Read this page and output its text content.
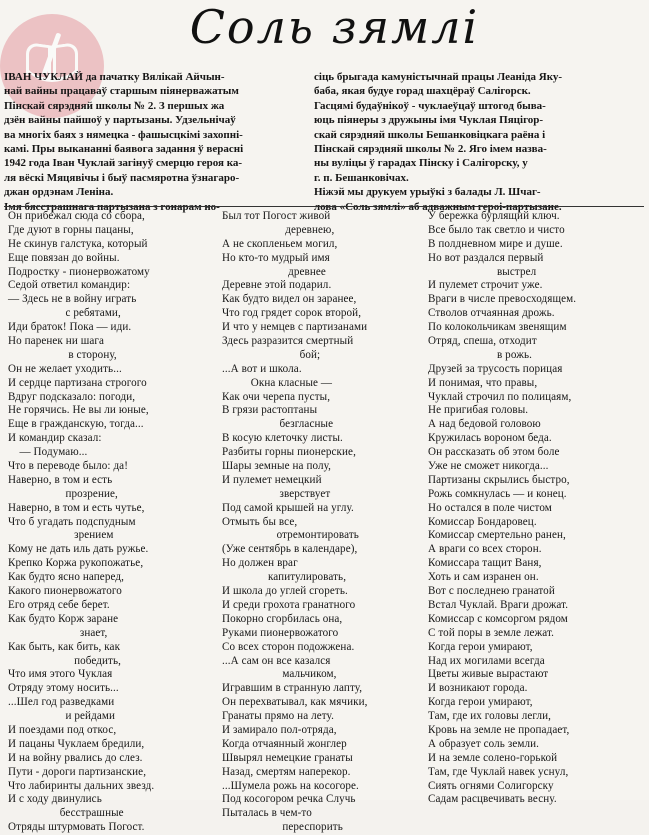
Соль зямлі
ІВАН ЧУКЛАЙ да пачатку Вялікай Айчын-
най вайны працаваў старшым піянерважатым
Пінскай сярэдняй школы № 2. З першых жа
дзён вайны пайшоў у партызаны. Удзельнічаў
ва многіх баях з нямецка - фашысцкімі захопні-
камі. Пры выкананні баявога задання ў верасні
1942 года Іван Чуклай загінуў смерцю героя ка-
ля вёскі Мяцявічы і быў пасмяротна ўзнагаро-
джан ордэнам Леніна.
сіць брыгада камуністычнай працы Леаніда Яку-
баба, якая будуе горад шахцёраў Салігорск.
Гасцямі будаўнікоў - чуклаеўцаў штогод быва-
юць піянеры з дружыны імя Чуклая Пяцігор-
скай сярэдняй школы Бешанковіцкага раёна і
Пінскай сярэдняй школы № 2. Яго імем назва-
ны вуліцы ў гарадах Пінску і Салігорску, у
г. п. Бешанковічах.
Ніжэй мы друкуем урыўкі з балады Л. Шчаг-
Он прибежал сюда со сбора,
Где дуют в горны пацаны,
Не скинув галстука, который
Еще повязан до войны.
Подростку - пионервожатому
Седой ответил командир:
— Здесь не в войну играть
с ребятами,
Иди браток! Пока — иди.
Но паренек ни шага
в сторону,
Он не желает уходить...
И сердце партизана строгого
Вдруг подсказало: погоди,
Не горячись. Не вы ли юные,
Еще в гражданскую, тогда...
И командир сказал:
— Подумаю...
Что в переводе было: да!
Наверно, в том и есть
прозрение,
Наверно, в том и есть чутье,
Что б угадать подспудным
зрением
Кому не дать иль дать ружье.
Крепко Коржа рукопожатье,
Как будто ясно наперед,
Какого пионервожатого
Его отряд себе берет.
Как будто Корж заране
знает,
Как быть, как бить, как
победить,
Что имя этого Чуклая
Отряду этому носить...
...Шел год разведками
и рейдами
И поездами под откос,
И пацаны Чуклаем бредили,
И на войну рвались до слез.
Пути - дороги партизанские,
Что лабиринты дальних звезд.
И с ходу двинулись
бесстрашные
Отряды штурмовать Погост.
Был тот Погост живой
деревнею,
А не скопленьем могил,
Но кто-то мудрый имя
древнее
Деревне этой подарил.
Как будто видел он заранее,
Что год грядет сорок второй,
И что у немцев с партизанами
Здесь разразится смертный
бой;
...А вот и школа.
Окна класные —
Как очи черепа пусты,
В грязи растоптаны
безгласные
В косую клеточку листы.
Разбиты горны пионерские,
Шары земные на полу,
И пулемет немецкий
зверствует
Под самой крышей на углу.
Отмыть бы все,
отремонтировать
(Уже сентябрь в календаре),
Но должен враг
капитулировать,
И школа до углей сгореть.
И среди грохота гранатного
Покорно сгорбилась она,
Руками пионервожатого
Со всех сторон подожжена.
...А сам он все казался
мальчиком,
Игравшим в странную лапту,
Он перехватывал, как мячики,
Гранаты прямо на лету.
И замирало пол-отряда,
Когда отчаянный жонглер
Швырял немецкие гранаты
Назад, смертям наперекор.
...Шумела рожь на косогоре.
Под косогором речка Случь
Пыталась в чем-то
переспорить
У бережка бурлящий ключ.
Все было так светло и чисто
В полдневном мире и душе.
Но вот раздался первый
выстрел
И пулемет строчит уже.
Враги в числе превосходящем.
Стволов отчаянная дрожь.
По колокольчикам звенящим
Отряд, спеша, отходит
в рожь.
Друзей за трусость порицая
И понимая, что правы,
Чуклай строчил по полицаям,
Не пригибая головы.
А над бедовой головою
Кружилась вороном беда.
Он рассказать об этом боле
Уже не сможет никогда...
Партизаны скрылись быстро,
Рожь сомкнулась — и конец.
Но остался в поле чистом
Комиссар Бондаровец.
Комиссар смертельно ранен,
А враги со всех сторон.
Комиссара тащит Ваня,
Хоть и сам изранен он.
Вот с последнею гранатой
Встал Чуклай. Враги дрожат.
Комиссар с комсоргом рядом
С той поры в земле лежат.
Когда герои умирают,
Над их могилами всегда
Цветы живые вырастают
И возникают города.
Когда герои умирают,
Там, где их головы легли,
Кровь на земле не пропадает,
А образует соль земли.
И на земле солено-горькой
Там, где Чуклай навек уснул,
Сиять огнями Солигорску
Садам расцвечивать весну.
